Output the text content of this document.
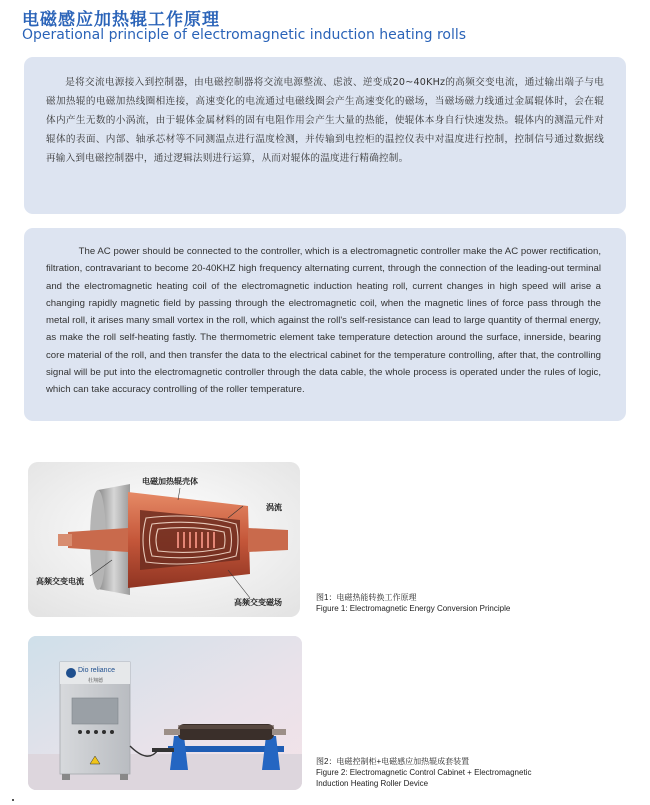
电磁感应加热辊工作原理
Operational principle of electromagnetic induction heating rolls

是将交流电源接入到控制器，由电磁控制器将交流电源整流、虑波、逆变成20~40KHz的高频交变电流，通过输出端子与电磁加热辊的电磁加热线圈相连接，高速变化的电流通过电磁线圈会产生高速变化的磁场，当磁场磁力线通过金属辊体时，会在辊体内产生无数的小涡流，由于辊体金属材料的固有电阻作用会产生大量的热能，使辊体本身自行快速发热。辊体内的测温元件对辊体的表面、内部、轴承芯材等不同测温点进行温度检测，并传输到电控柜的温控仪表中对温度进行控制，控制信号通过数据线再输入到电磁控制器中，通过逻辑法则进行运算，从而对辊体的温度进行精确控制。

The AC power should be connected to the controller, which is a electromagnetic controller make the AC power rectification, filtration, contravariant to become 20-40KHZ high frequency alternating current, through the connection of the leading-out terminal and the electromagnetic heating coil of the electromagnetic induction heating roll, current changes in high speed will arise a changing rapidly magnetic field by passing through the electromagnetic coil, when the magnetic lines of force pass through the metal roll, it arises many small vortex in the roll, which against the roll's self-resistance can lead to large quantity of thermal energy, as make the roll self-heating fastly. The thermometric element take temperature detection around the surface, innerside, bearing core material of the roll, and then transfer the data to the electrical cabinet for the temperature controlling, after that, the controlling signal will be put into the electromagnetic controller through the data cable, the whole process is operated under the rules of logic, which can take accuracy controlling of the roller temperature.

电磁加热辊壳体
涡流
高频交变电流
高频交变磁场
图1：电磁热能转换工作原理
Figure 1: Electromagnetic Energy Conversion Principle
Dio reliance
杜翔德
图2：电磁控制柜+电磁感应加热辊成套装置
Figure 2: Electromagnetic Control Cabinet + Electromagnetic
Induction Heating Roller Device
